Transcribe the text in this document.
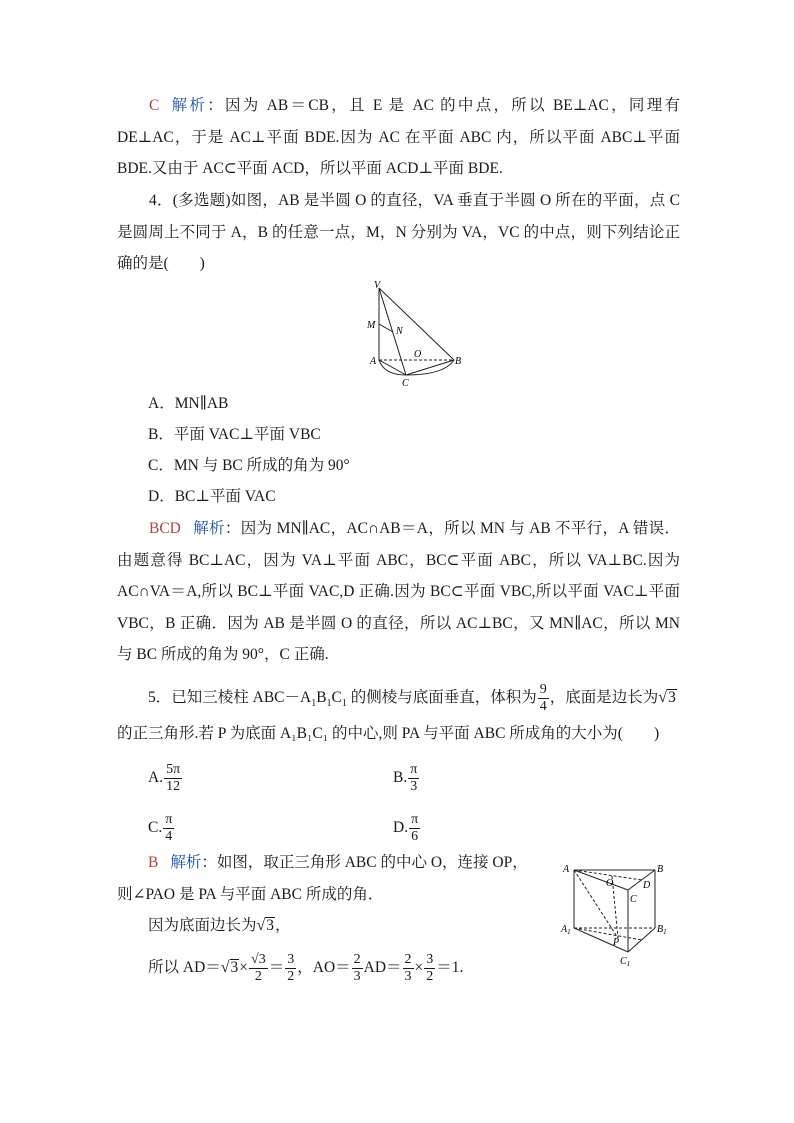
C 解析：因为 AB＝CB，且 E 是 AC 的中点，所以 BE⊥AC，同理有 DE⊥AC，于是 AC⊥平面 BDE.因为 AC 在平面 ABC 内，所以平面 ABC⊥平面 BDE.又由于 AC⊂平面 ACD，所以平面 ACD⊥平面 BDE.
4．(多选题)如图，AB 是半圆 O 的直径，VA 垂直于半圆 O 所在的平面，点 C 是圆周上不同于 A，B 的任意一点，M，N 分别为 VA，VC 的中点，则下列结论正确的是(　　)
V
M
N
A
O
B
C
A．MN∥AB
B．平面 VAC⊥平面 VBC
C．MN 与 BC 所成的角为 90°
D．BC⊥平面 VAC
BCD 解析：因为 MN∥AC，AC∩AB＝A，所以 MN 与 AB 不平行，A 错误．由题意得 BC⊥AC，因为 VA⊥平面 ABC，BC⊂平面 ABC，所以 VA⊥BC.因为 AC∩VA＝A,所以 BC⊥平面 VAC,D 正确.因为 BC⊂平面 VBC,所以平面 VAC⊥平面 VBC，B 正确．因为 AB 是半圆 O 的直径，所以 AC⊥BC，又 MN∥AC，所以 MN 与 BC 所成的角为 90°，C 正确.
5．已知三棱柱 $ABC-A_1B_1C_1$ 的侧棱与底面垂直，体积为 $\frac{9}{4}$ ，底面是边长为√3
的正三角形.若 P 为底面 A₁B₁C₁ 的中心,则 PA 与平面 ABC 所成角的大小为(　　)
A. $\frac{5\pi}{12}$	B. $\frac{\pi}{3}$
C. $\frac{\pi}{4}$	D. $\frac{\pi}{6}$
B 解析：如图，取正三角形 ABC 的中心 O，连接 OP，
则∠PAO 是 PA 与平面 ABC 所成的角．
因为底面边长为√3，
所以 $AD=√3\times \frac{√3}{2} = \frac{3}{2}$ ，$AO= \frac{2}{3} AD= \frac{2}{3} \times \frac{3}{2} =1$.
A	B
O	D
C
$A_1$	$B_1$
P
$C_1$
